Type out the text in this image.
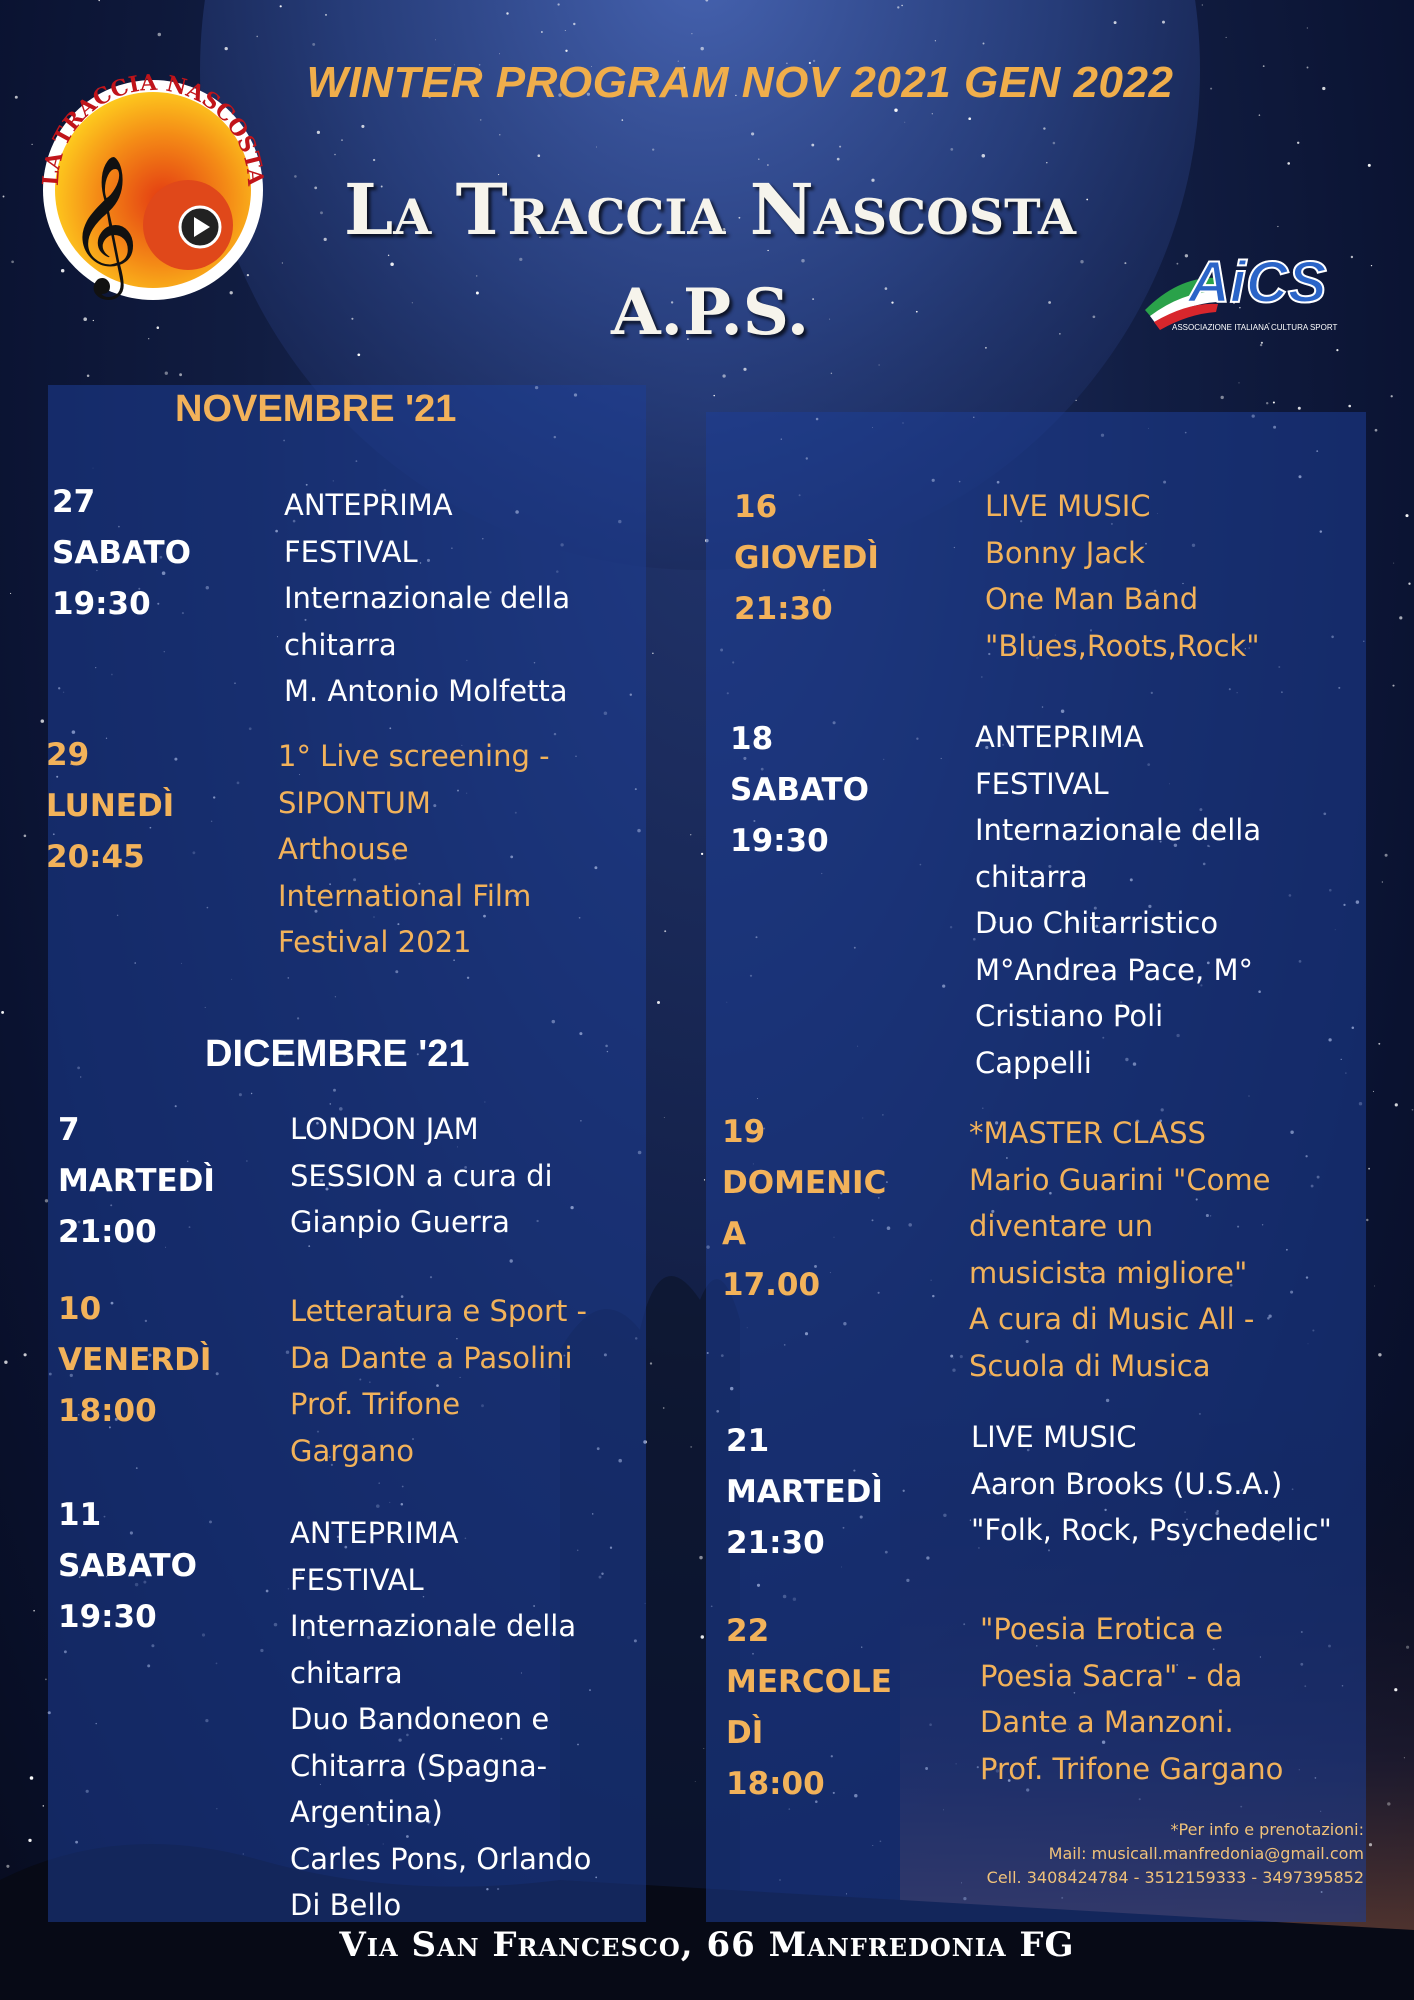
𝄞
LA TRACCIA NASCOSTA
WINTER PROGRAM NOV 2021 GEN 2022
La Traccia Nascosta
A.P.S.	AiCS
ASSOCIAZIONE ITALIANA CULTURA SPORT
NOVEMBRE '21
27
SABATO
19:30
ANTEPRIMA
FESTIVAL
Internazionale della
chitarra
M. Antonio Molfetta
29
LUNEDÌ
20:45
1° Live screening -
SIPONTUM
Arthouse
International Film
Festival 2021
DICEMBRE '21
7
MARTEDÌ
21:00
LONDON JAM
SESSION a cura di
Gianpio Guerra
10
VENERDÌ
18:00
Letteratura e Sport -
Da Dante a Pasolini
Prof. Trifone
Gargano
11
SABATO
19:30
ANTEPRIMA
FESTIVAL
Internazionale della
chitarra
Duo Bandoneon e
Chitarra (Spagna-
Argentina)
Carles Pons, Orlando
Di Bello
16
GIOVEDÌ
21:30
LIVE MUSIC
Bonny Jack
One Man Band
"Blues,Roots,Rock"
18
SABATO
19:30
ANTEPRIMA
FESTIVAL
Internazionale della
chitarra
Duo Chitarristico
M°Andrea Pace, M°
Cristiano Poli
Cappelli
19
DOMENIC
A
17.00
*MASTER CLASS
Mario Guarini "Come
diventare un
musicista migliore"
A cura di Music All -
Scuola di Musica
21
MARTEDÌ
21:30
LIVE MUSIC
Aaron Brooks (U.S.A.)
"Folk, Rock, Psychedelic"
22
MERCOLE
DÌ
18:00
"Poesia Erotica e
Poesia Sacra" - da
Dante a Manzoni.
Prof. Trifone Gargano
*Per info e prenotazioni:
Mail: musicall.manfredonia@gmail.com
Cell. 3408424784 - 3512159333 - 3497395852
Via San Francesco, 66 Manfredonia FG
